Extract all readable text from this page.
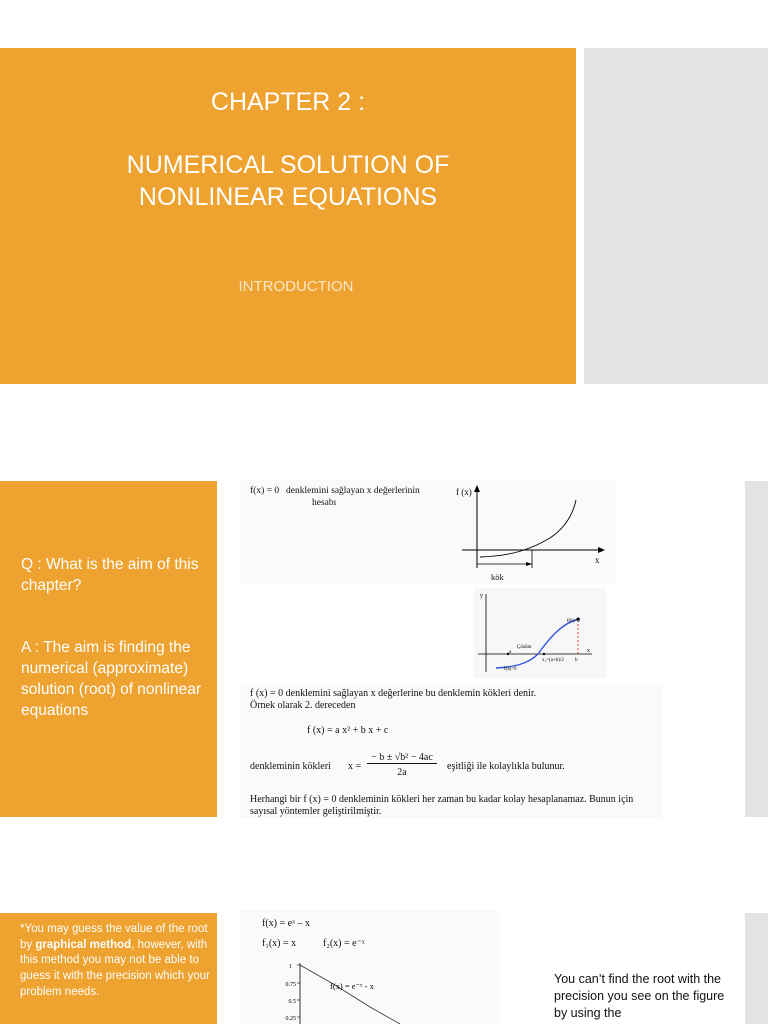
CHAPTER 2 :
NUMERICAL SOLUTION OF
NONLINEAR EQUATIONS
INTRODUCTION
Q : What is the aim of this chapter?
A : The aim is finding the numerical (approximate) solution (root) of nonlinear equations
f(x) = 0 denklemini sağlayan x değerlerinin
hesabı
f (x)
x
kök
y
x
f(b)>0
f(a)<0
a
b
x₁=(a+b)/2
Çözüm
f (x) = 0 denklemini sağlayan x değerlerine bu denklemin kökleri denir.
Örnek olarak 2. dereceden
f (x) = a x² + b x + c
denkleminin kökleri x =
− b ± √b² − 4ac
2a
eşitliği ile kolaylıkla bulunur.
Herhangi bir f (x) = 0 denkleminin kökleri her zaman bu kadar kolay hesaplanamaz. Bunun için
sayısal yöntemler geliştirilmiştir.
*You may guess the value of the root by graphical method, however, with this method you may not be able to guess it with the precision which your problem needs.
f(x) = eˣ – x
f₁(x) = x	f₂(x) = e⁻ˣ
1
0.75
0.5
0.25
f(x) = e⁻ˣ - x	You can’t find the root with the precision you see on the figure by using the
